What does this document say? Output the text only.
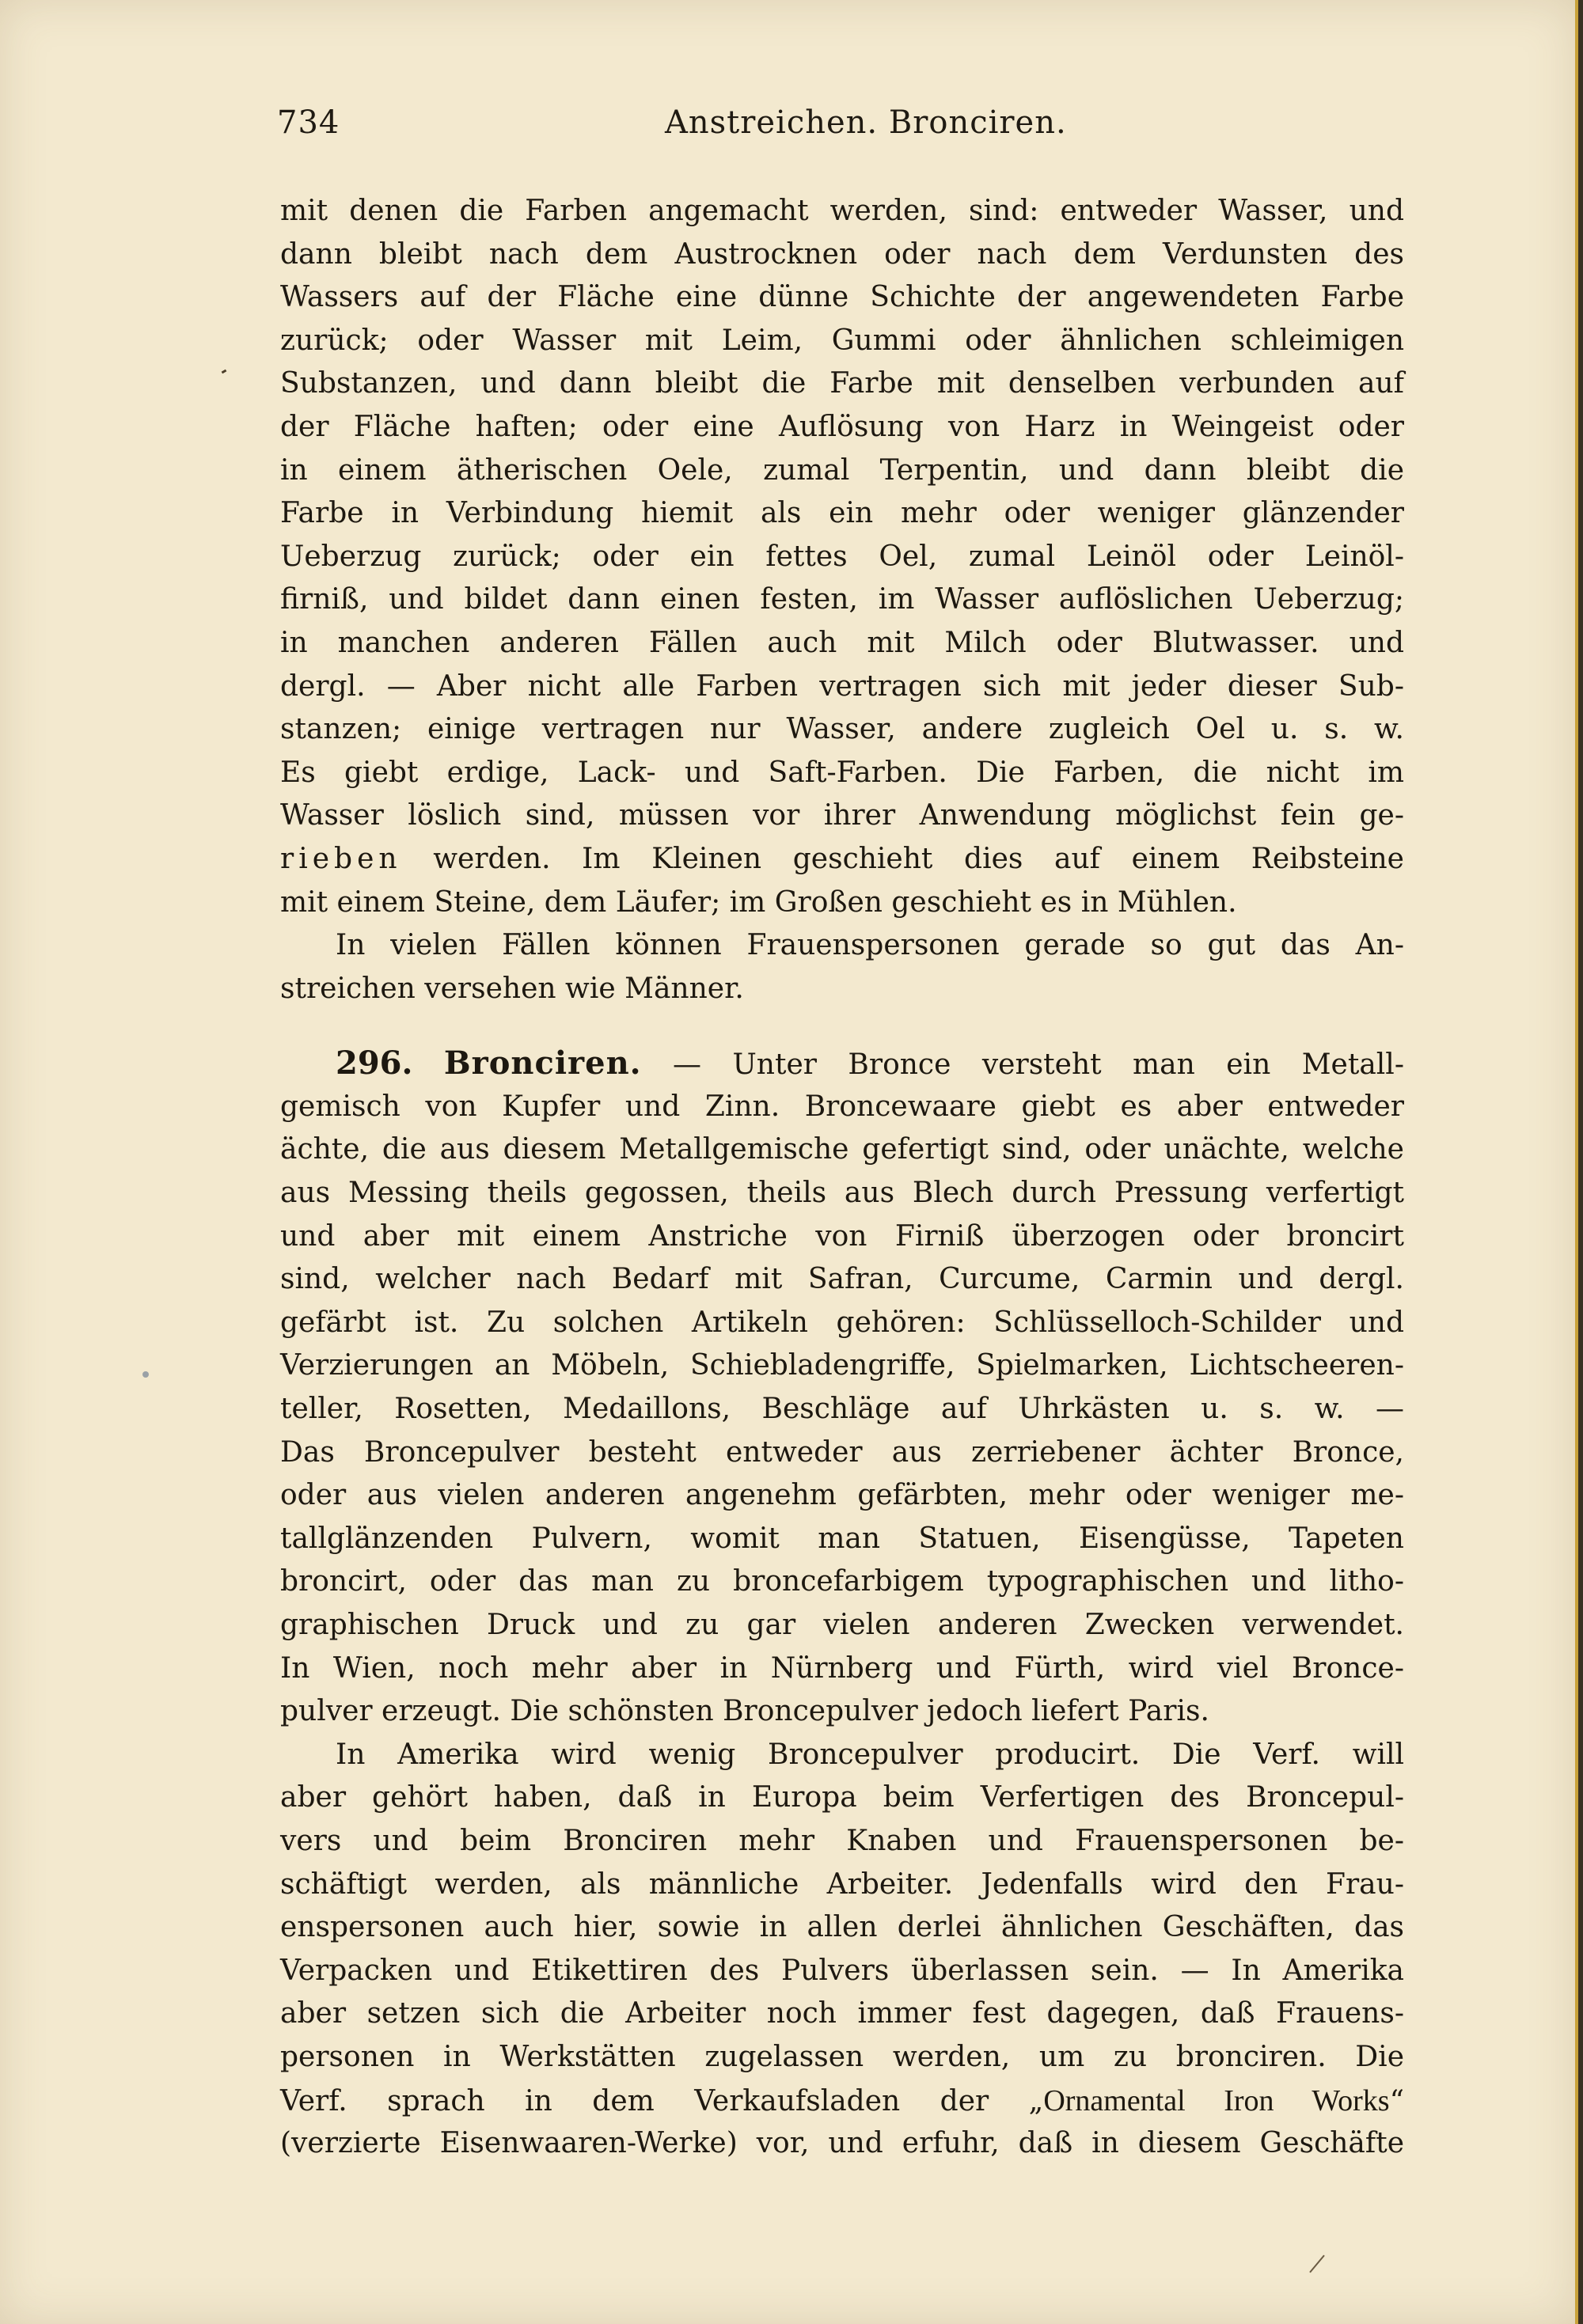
734	Anstreichen. Bronciren.
mit denen die Farben angemacht werden, sind: entweder Wasser, und
dann bleibt nach dem Austrocknen oder nach dem Verdunsten des
Wassers auf der Fläche eine dünne Schichte der angewendeten Farbe
zurück; oder Wasser mit Leim, Gummi oder ähnlichen schleimigen
Substanzen, und dann bleibt die Farbe mit denselben verbunden auf
der Fläche haften; oder eine Auflösung von Harz in Weingeist oder
in einem ätherischen Oele, zumal Terpentin, und dann bleibt die
Farbe in Verbindung hiemit als ein mehr oder weniger glänzender
Ueberzug zurück; oder ein fettes Oel, zumal Leinöl oder Leinöl-
firniß, und bildet dann einen festen, im Wasser auflöslichen Ueberzug;
in manchen anderen Fällen auch mit Milch oder Blutwasser. und
dergl. — Aber nicht alle Farben vertragen sich mit jeder dieser Sub-
stanzen; einige vertragen nur Wasser, andere zugleich Oel u. s. w.
Es giebt erdige, Lack- und Saft-Farben. Die Farben, die nicht im
Wasser löslich sind, müssen vor ihrer Anwendung möglichst fein ge-
rieben werden. Im Kleinen geschieht dies auf einem Reibsteine
mit einem Steine, dem Läufer; im Großen geschieht es in Mühlen.
In vielen Fällen können Frauenspersonen gerade so gut das An-
streichen versehen wie Männer.
296. Bronciren. — Unter Bronce versteht man ein Metall-
gemisch von Kupfer und Zinn. Broncewaare giebt es aber entweder
ächte, die aus diesem Metallgemische gefertigt sind, oder unächte, welche
aus Messing theils gegossen, theils aus Blech durch Pressung verfertigt
und aber mit einem Anstriche von Firniß überzogen oder broncirt
sind, welcher nach Bedarf mit Safran, Curcume, Carmin und dergl.
gefärbt ist. Zu solchen Artikeln gehören: Schlüsselloch-Schilder und
Verzierungen an Möbeln, Schiebladengriffe, Spielmarken, Lichtscheeren-
teller, Rosetten, Medaillons, Beschläge auf Uhrkästen u. s. w. —
Das Broncepulver besteht entweder aus zerriebener ächter Bronce,
oder aus vielen anderen angenehm gefärbten, mehr oder weniger me-
tallglänzenden Pulvern, womit man Statuen, Eisengüsse, Tapeten
broncirt, oder das man zu broncefarbigem typographischen und litho-
graphischen Druck und zu gar vielen anderen Zwecken verwendet.
In Wien, noch mehr aber in Nürnberg und Fürth, wird viel Bronce-
pulver erzeugt. Die schönsten Broncepulver jedoch liefert Paris.
In Amerika wird wenig Broncepulver producirt. Die Verf. will
aber gehört haben, daß in Europa beim Verfertigen des Broncepul-
vers und beim Bronciren mehr Knaben und Frauenspersonen be-
schäftigt werden, als männliche Arbeiter. Jedenfalls wird den Frau-
enspersonen auch hier, sowie in allen derlei ähnlichen Geschäften, das
Verpacken und Etikettiren des Pulvers überlassen sein. — In Amerika
aber setzen sich die Arbeiter noch immer fest dagegen, daß Frauens-
personen in Werkstätten zugelassen werden, um zu bronciren. Die
Verf. sprach in dem Verkaufsladen der „Ornamental Iron Works“
(verzierte Eisenwaaren-Werke) vor, und erfuhr, daß in diesem Geschäfte
